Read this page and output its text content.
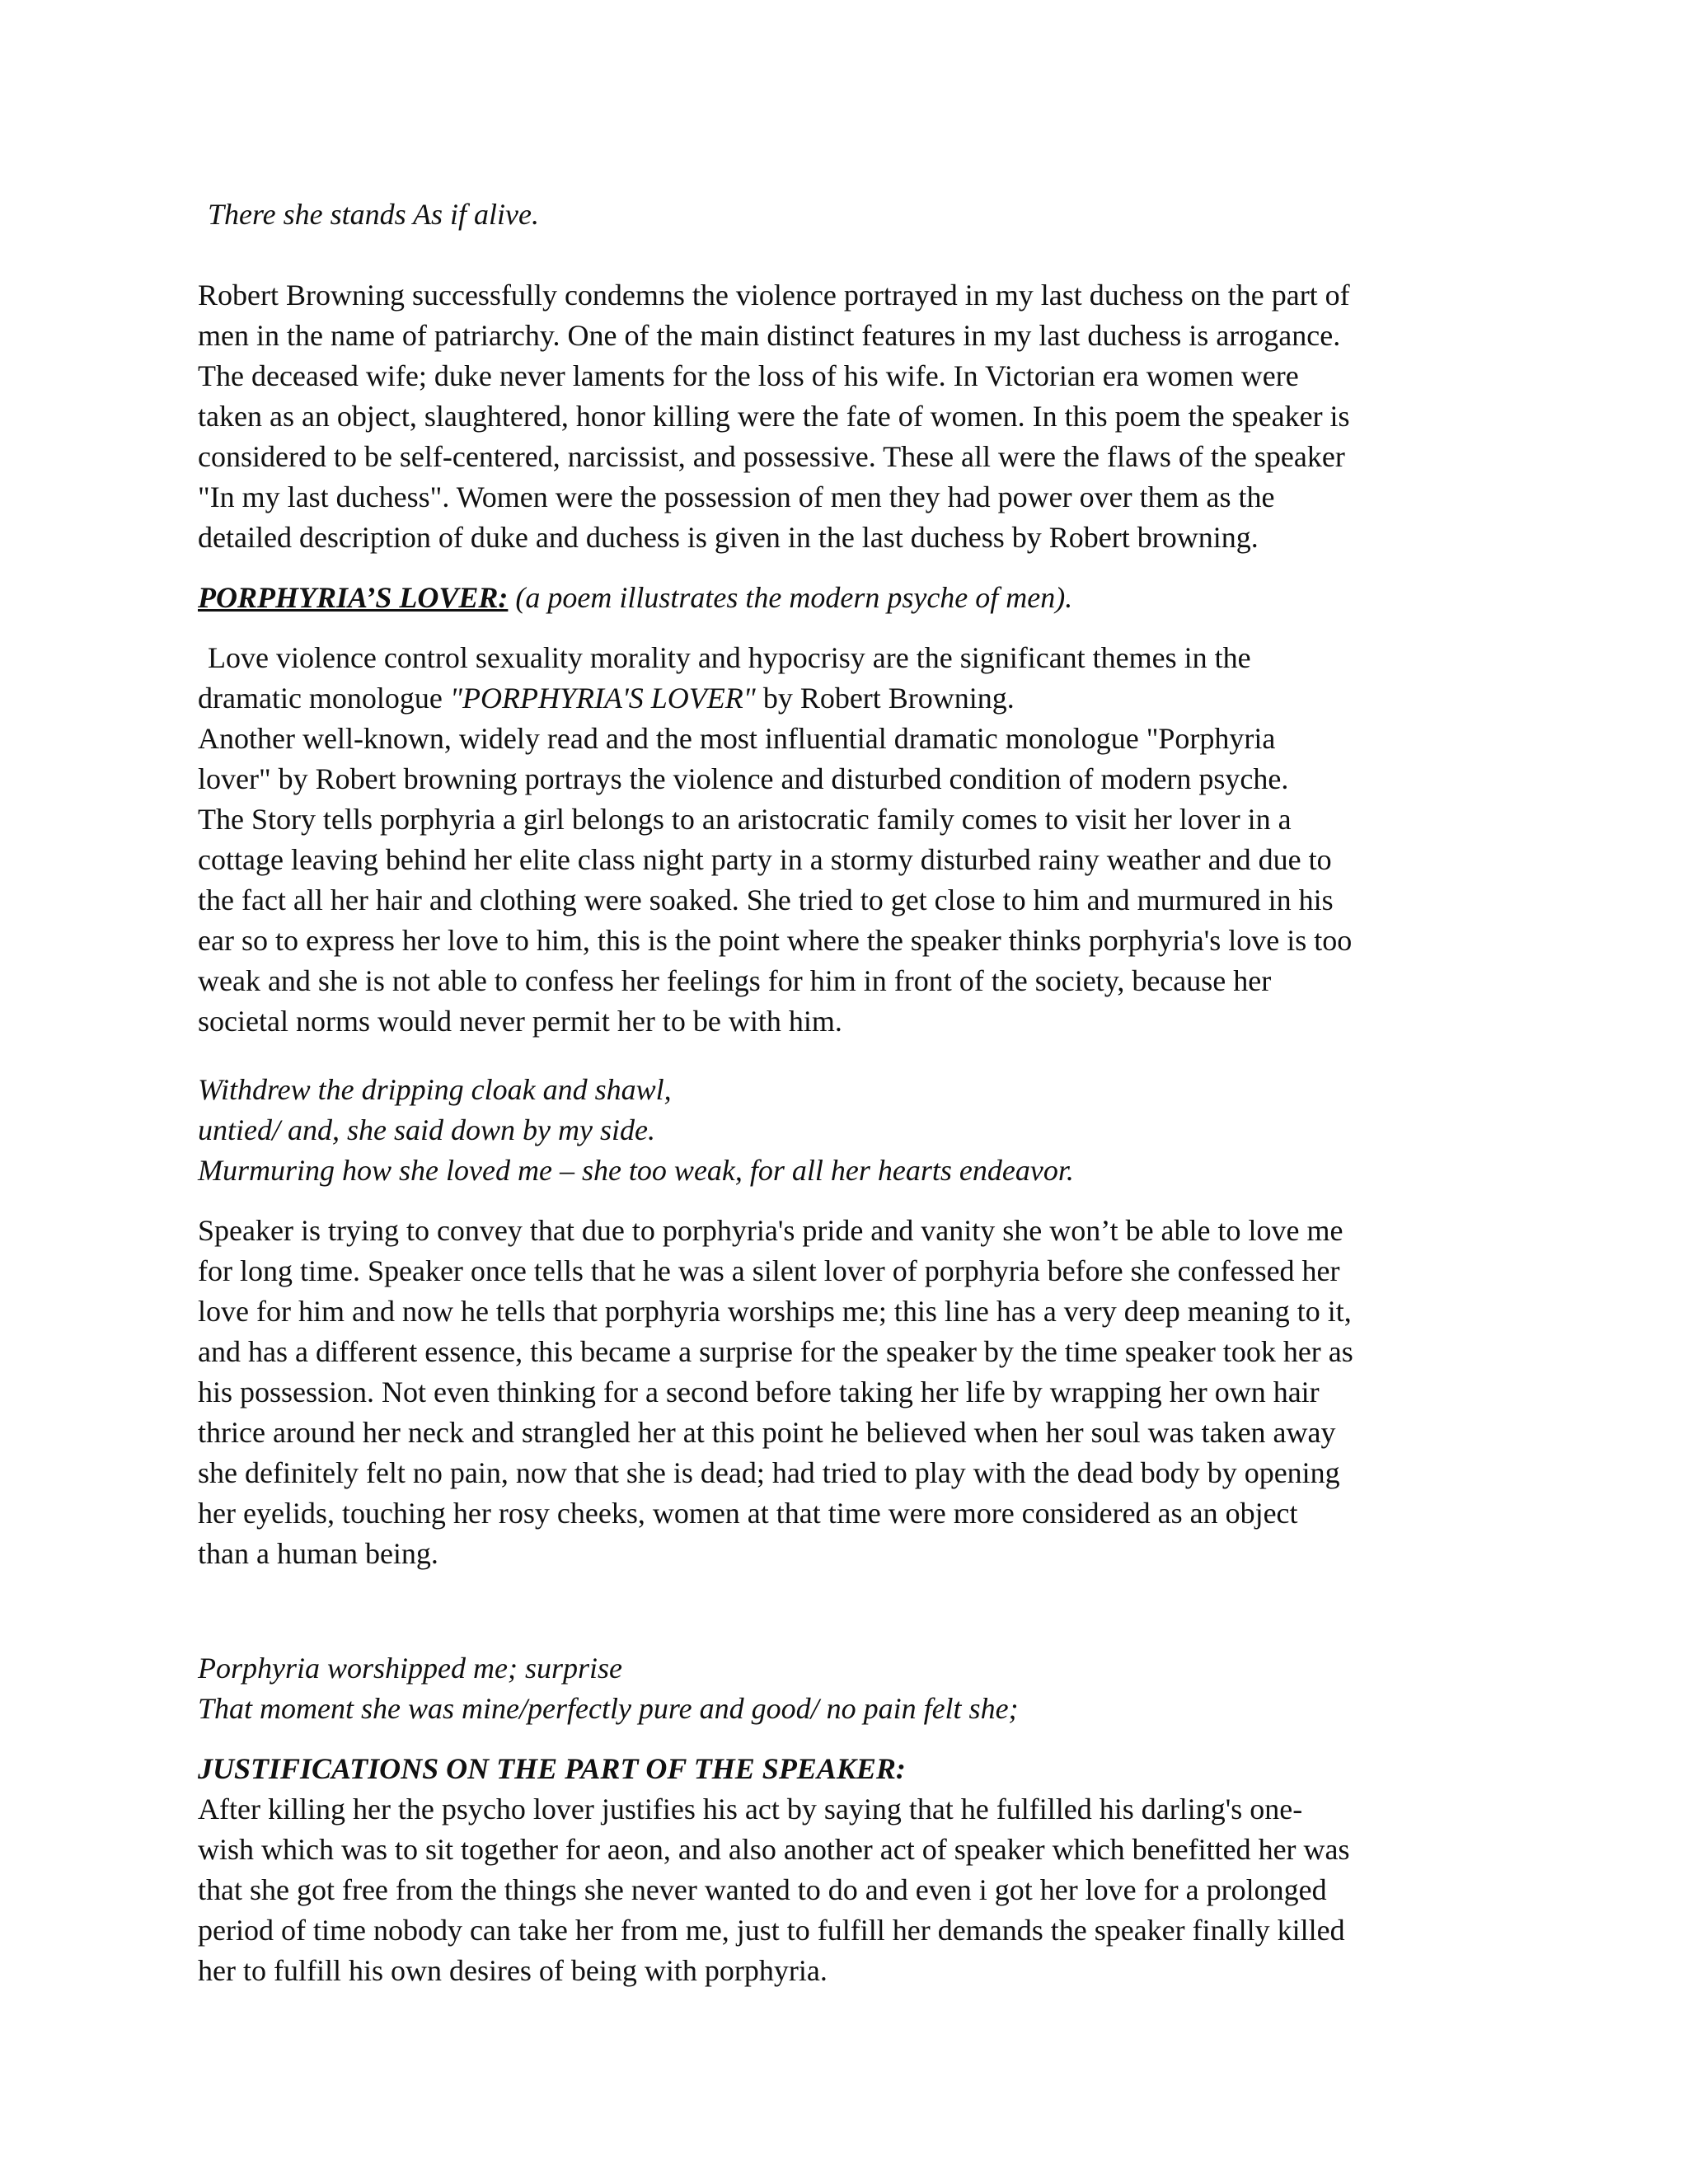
There she stands As if alive.
Robert Browning successfully condemns the violence portrayed in my last duchess on the part of
men in the name of patriarchy. One of the main distinct features in my last duchess is arrogance.
The deceased wife; duke never laments for the loss of his wife. In Victorian era women were
taken as an object, slaughtered, honor killing were the fate of women. In this poem the speaker is
considered to be self-centered, narcissist, and possessive. These all were the flaws of the speaker
"In my last duchess". Women were the possession of men they had power over them as the
detailed description of duke and duchess is given in the last duchess by Robert browning.
PORPHYRIA’S LOVER: (a poem illustrates the modern psyche of men).
Love violence control sexuality morality and hypocrisy are the significant themes in the
dramatic monologue "PORPHYRIA'S LOVER" by Robert Browning.
Another well-known, widely read and the most influential dramatic monologue "Porphyria
lover" by Robert browning portrays the violence and disturbed condition of modern psyche.
The Story tells porphyria a girl belongs to an aristocratic family comes to visit her lover in a
cottage leaving behind her elite class night party in a stormy disturbed rainy weather and due to
the fact all her hair and clothing were soaked. She tried to get close to him and murmured in his
ear so to express her love to him, this is the point where the speaker thinks porphyria's love is too
weak and she is not able to confess her feelings for him in front of the society, because her
societal norms would never permit her to be with him.
Withdrew the dripping cloak and shawl,
untied/ and, she said down by my side.
Murmuring how she loved me – she too weak, for all her hearts endeavor.
Speaker is trying to convey that due to porphyria's pride and vanity she won’t be able to love me
for long time. Speaker once tells that he was a silent lover of porphyria before she confessed her
love for him and now he tells that porphyria worships me; this line has a very deep meaning to it,
and has a different essence, this became a surprise for the speaker by the time speaker took her as
his possession. Not even thinking for a second before taking her life by wrapping her own hair
thrice around her neck and strangled her at this point he believed when her soul was taken away
she definitely felt no pain, now that she is dead; had tried to play with the dead body by opening
her eyelids, touching her rosy cheeks, women at that time were more considered as an object
than a human being.
Porphyria worshipped me; surprise
That moment she was mine/perfectly pure and good/ no pain felt she;
JUSTIFICATIONS ON THE PART OF THE SPEAKER:
After killing her the psycho lover justifies his act by saying that he fulfilled his darling's one-
wish which was to sit together for aeon, and also another act of speaker which benefitted her was
that she got free from the things she never wanted to do and even i got her love for a prolonged
period of time nobody can take her from me, just to fulfill her demands the speaker finally killed
her to fulfill his own desires of being with porphyria.
